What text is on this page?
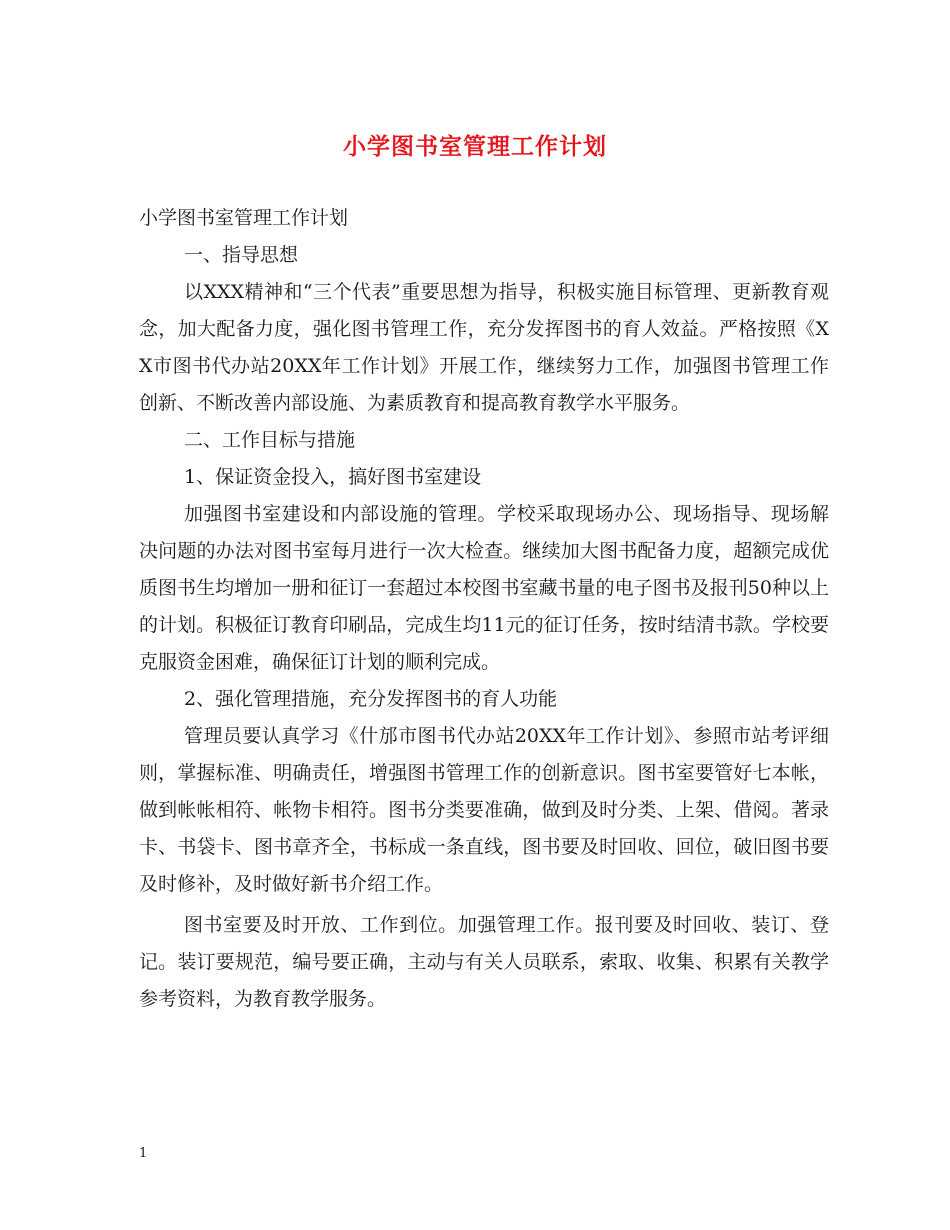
小学图书室管理工作计划

小学图书室管理工作计划

一、指导思想

以XXX精神和“三个代表”重要思想为指导，积极实施目标管理、更新教育观念，加大配备力度，强化图书管理工作，充分发挥图书的育人效益。严格按照《XX市图书代办站20XX年工作计划》开展工作，继续努力工作，加强图书管理工作创新、不断改善内部设施、为素质教育和提高教育教学水平服务。

二、工作目标与措施

1、保证资金投入，搞好图书室建设

加强图书室建设和内部设施的管理。学校采取现场办公、现场指导、现场解决问题的办法对图书室每月进行一次大检查。继续加大图书配备力度，超额完成优质图书生均增加一册和征订一套超过本校图书室藏书量的电子图书及报刊50种以上的计划。积极征订教育印刷品，完成生均11元的征订任务，按时结清书款。学校要克服资金困难，确保征订计划的顺利完成。

2、强化管理措施，充分发挥图书的育人功能

管理员要认真学习《什邡市图书代办站20XX年工作计划》、参照市站考评细则，掌握标准、明确责任，增强图书管理工作的创新意识。图书室要管好七本帐，做到帐帐相符、帐物卡相符。图书分类要准确，做到及时分类、上架、借阅。著录卡、书袋卡、图书章齐全，书标成一条直线，图书要及时回收、回位，破旧图书要及时修补，及时做好新书介绍工作。

图书室要及时开放、工作到位。加强管理工作。报刊要及时回收、装订、登记。装订要规范，编号要正确，主动与有关人员联系，索取、收集、积累有关教学参考资料，为教育教学服务。

1
